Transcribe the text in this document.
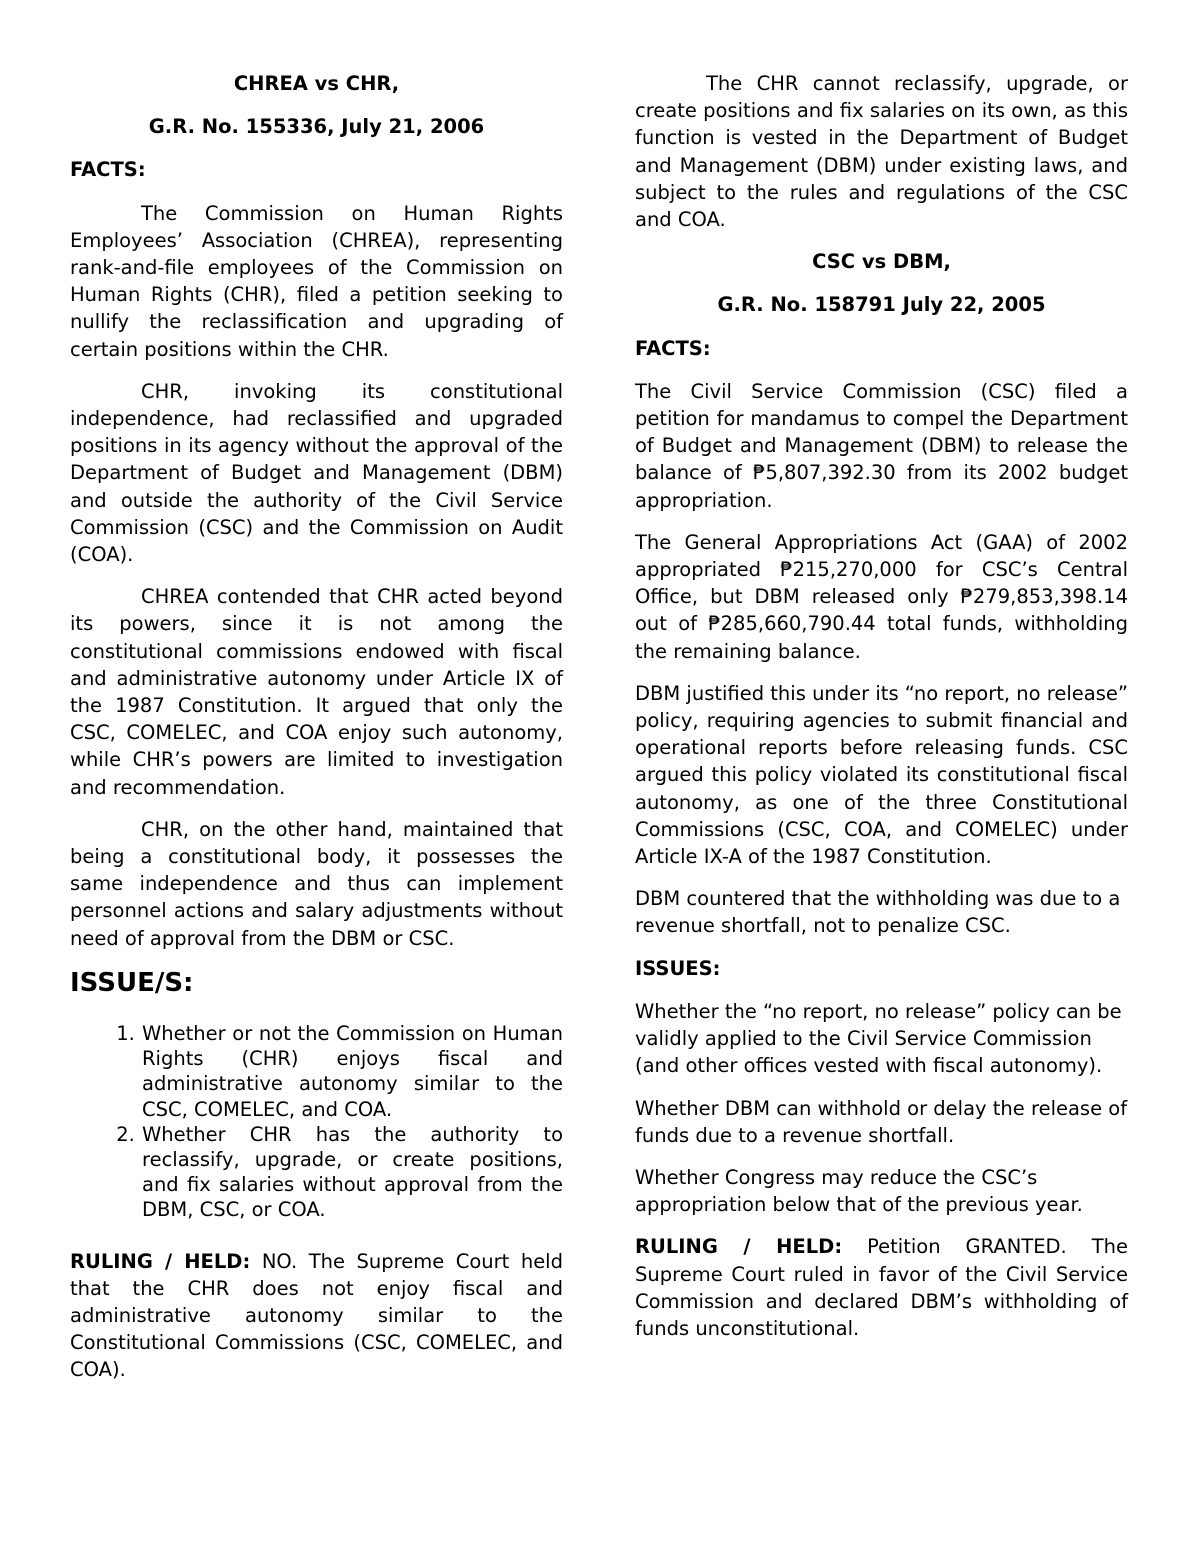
CHREA vs CHR,

G.R. No. 155336, July 21, 2006

FACTS:

The Commission on Human Rights Employees’ Association (CHREA), representing rank-and-file employees of the Commission on Human Rights (CHR), filed a petition seeking to nullify the reclassification and upgrading of certain positions within the CHR.

CHR, invoking its constitutional independence, had reclassified and upgraded positions in its agency without the approval of the Department of Budget and Management (DBM) and outside the authority of the Civil Service Commission (CSC) and the Commission on Audit (COA).

CHREA contended that CHR acted beyond its powers, since it is not among the constitutional commissions endowed with fiscal and administrative autonomy under Article IX of the 1987 Constitution. It argued that only the CSC, COMELEC, and COA enjoy such autonomy, while CHR’s powers are limited to investigation and recommendation.

CHR, on the other hand, maintained that being a constitutional body, it possesses the same independence and thus can implement personnel actions and salary adjustments without need of approval from the DBM or CSC.

ISSUE/S:

1. Whether or not the Commission on Human Rights (CHR) enjoys fiscal and administrative autonomy similar to the CSC, COMELEC, and COA.
2. Whether CHR has the authority to reclassify, upgrade, or create positions, and fix salaries without approval from the DBM, CSC, or COA.

RULING / HELD: NO. The Supreme Court held that the CHR does not enjoy fiscal and administrative autonomy similar to the Constitutional Commissions (CSC, COMELEC, and COA).

The CHR cannot reclassify, upgrade, or create positions and fix salaries on its own, as this function is vested in the Department of Budget and Management (DBM) under existing laws, and subject to the rules and regulations of the CSC and COA.

CSC vs DBM,

G.R. No. 158791 July 22, 2005

FACTS:

The Civil Service Commission (CSC) filed a petition for mandamus to compel the Department of Budget and Management (DBM) to release the balance of ₱5,807,392.30 from its 2002 budget appropriation.

The General Appropriations Act (GAA) of 2002 appropriated ₱215,270,000 for CSC’s Central Office, but DBM released only ₱279,853,398.14 out of ₱285,660,790.44 total funds, withholding the remaining balance.

DBM justified this under its “no report, no release” policy, requiring agencies to submit financial and operational reports before releasing funds. CSC argued this policy violated its constitutional fiscal autonomy, as one of the three Constitutional Commissions (CSC, COA, and COMELEC) under Article IX-A of the 1987 Constitution.

DBM countered that the withholding was due to a revenue shortfall, not to penalize CSC.

ISSUES:

Whether the “no report, no release” policy can be validly applied to the Civil Service Commission (and other offices vested with fiscal autonomy).

Whether DBM can withhold or delay the release of funds due to a revenue shortfall.

Whether Congress may reduce the CSC’s appropriation below that of the previous year.

RULING / HELD: Petition GRANTED. The Supreme Court ruled in favor of the Civil Service Commission and declared DBM’s withholding of funds unconstitutional.
